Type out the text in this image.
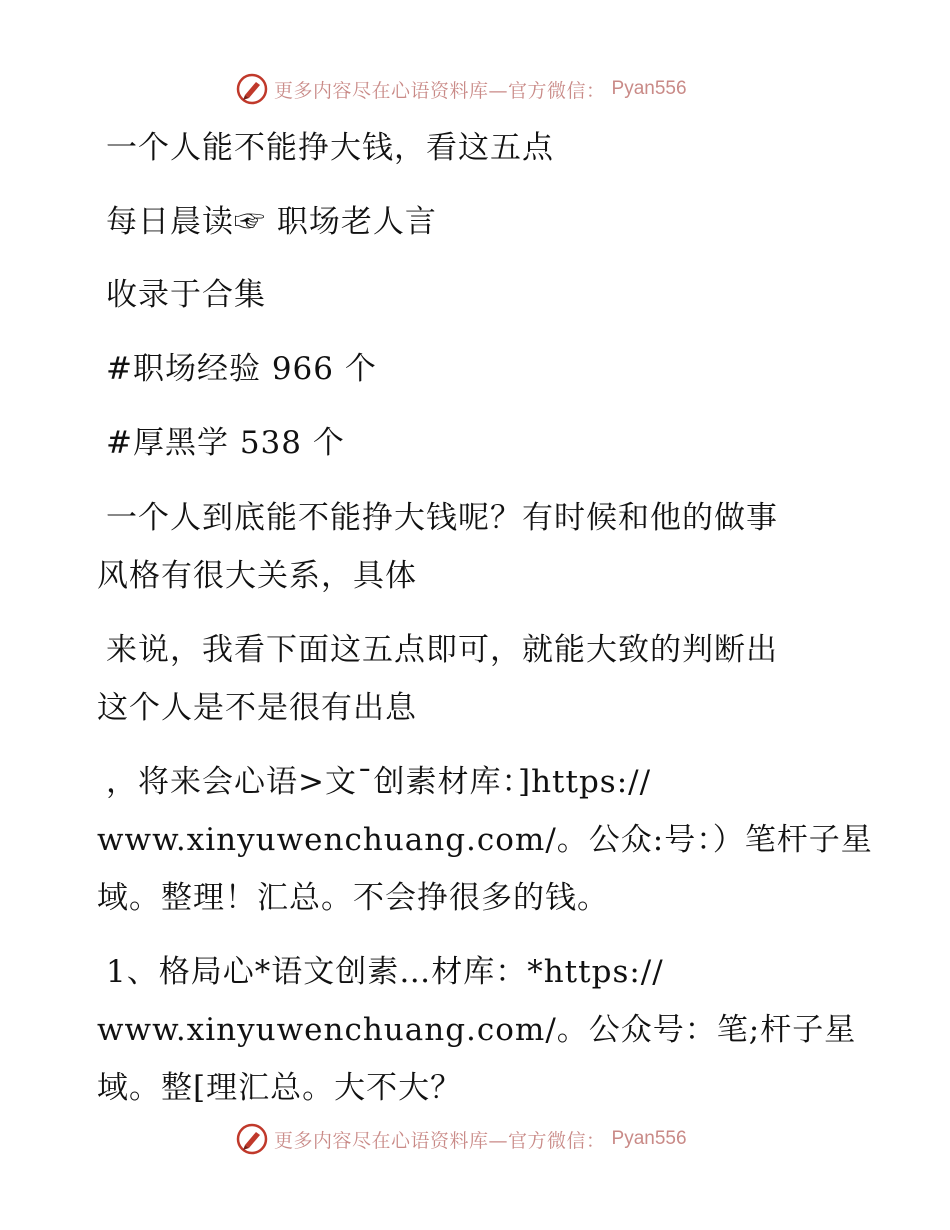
更多内容尽在心语资料库—官方微信： Pyan556
一个人能不能挣大钱，看这五点
每日晨读☞ 职场老人言
收录于合集
#职场经验 966 个
#厚黑学 538 个
一个人到底能不能挣大钱呢？有时候和他的做事
风格有很大关系，具体
来说，我看下面这五点即可，就能大致的判断出
这个人是不是很有出息
，将来会心语>文¯创素材库：]https://
www.xinyuwenchuang.com/。公众:号：）笔杆子星
域。整理！汇总。不会挣很多的钱。
1、格局心*语文创素…材库：*https://
www.xinyuwenchuang.com/。公众号：笔;杆子星
域。整[理汇总。大不大？
更多内容尽在心语资料库—官方微信： Pyan556
